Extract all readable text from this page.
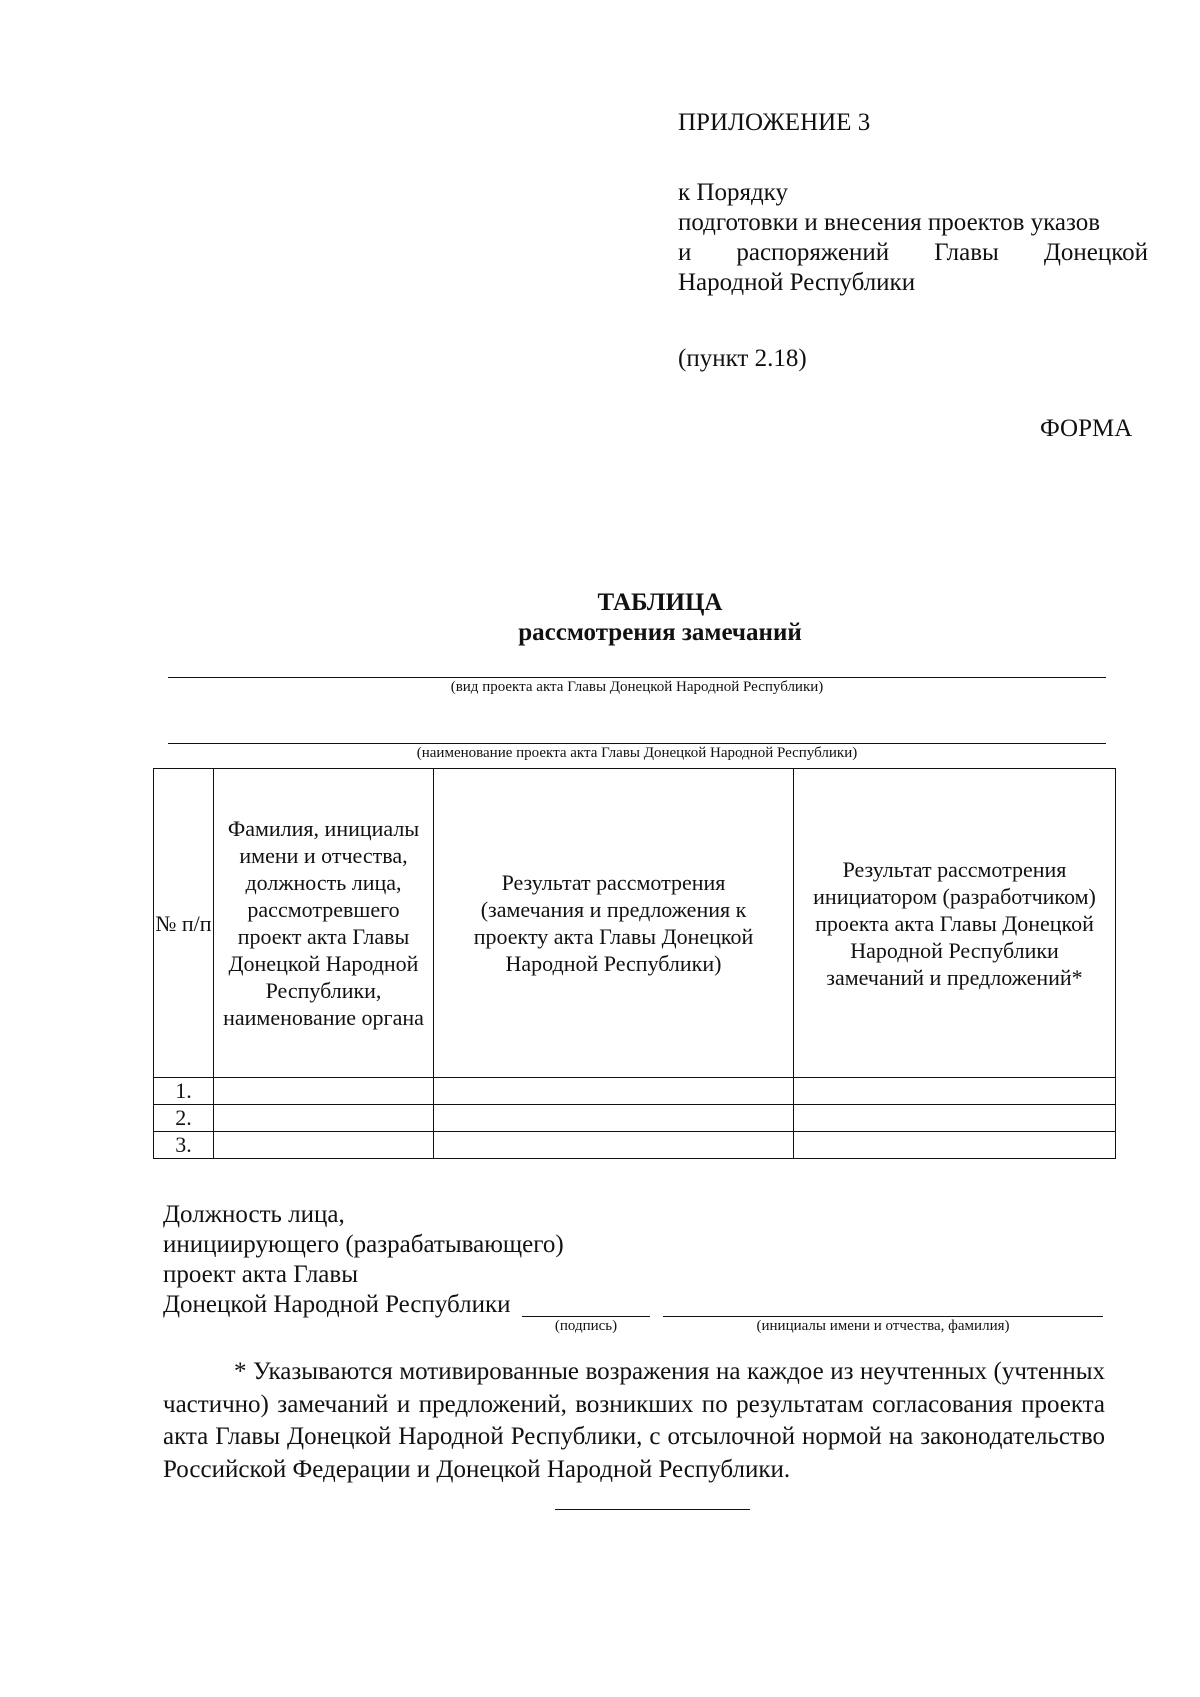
ПРИЛОЖЕНИЕ 3
к Порядку
подготовки и внесения проектов указов
и распоряжений Главы Донецкой
Народной Республики
(пункт 2.18)
ФОРМА
ТАБЛИЦА
рассмотрения замечаний
(вид проекта акта Главы Донецкой Народной Республики)
(наименование проекта акта Главы Донецкой Народной Республики)
№ п/п	Фамилия, инициалы имени и отчества, должность лица, рассмотревшего проект акта Главы Донецкой Народной Республики, наименование органа	Результат рассмотрения (замечания и предложения к проекту акта Главы Донецкой Народной Республики)	Результат рассмотрения инициатором (разработчиком) проекта акта Главы Донецкой Народной Республики замечаний и предложений*
1.			
2.			
3.			
Должность лица,
инициирующего (разрабатывающего)
проект акта Главы
Донецкой Народной Республики
(подпись)	(инициалы имени и отчества, фамилия)
* Указываются мотивированные возражения на каждое из неучтенных (учтенных частично) замечаний и предложений, возникших по результатам согласования проекта акта Главы Донецкой Народной Республики, с отсылочной нормой на законодательство Российской Федерации и Донецкой Народной Республики.
